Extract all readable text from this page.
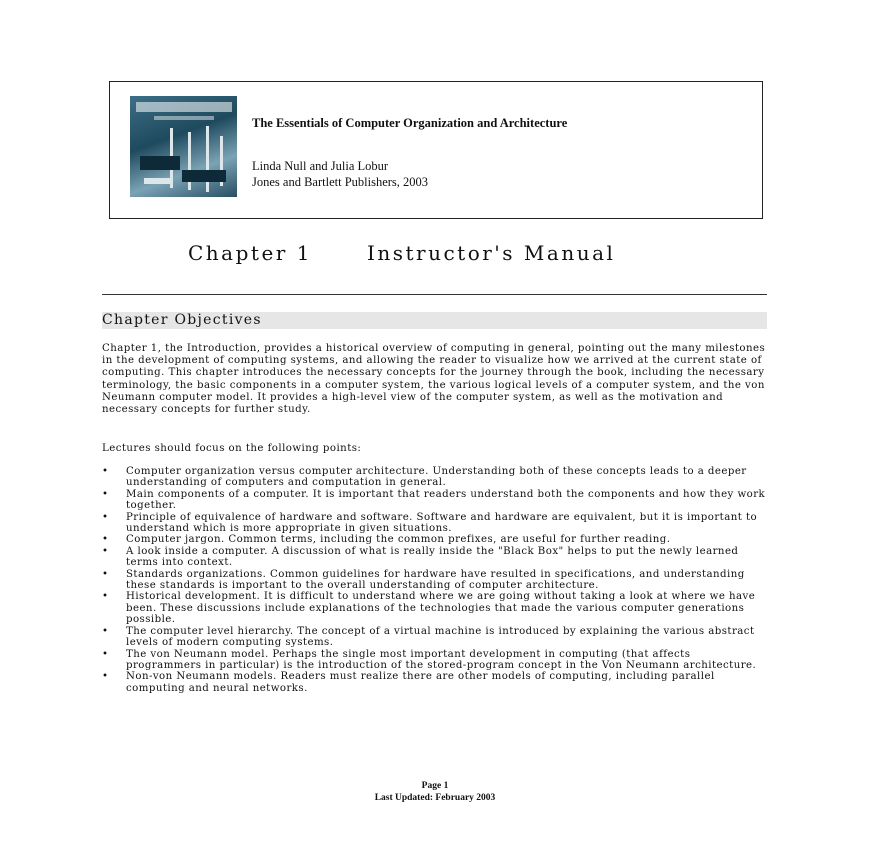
The Essentials of Computer Organization and Architecture
Linda Null and Julia Lobur
Jones and Bartlett Publishers, 2003
Chapter 1	Instructor's Manual
Chapter Objectives

Chapter 1, the Introduction, provides a historical overview of computing in general, pointing out the many milestones in the development of computing systems, and allowing the reader to visualize how we arrived at the current state of computing. This chapter introduces the necessary concepts for the journey through the book, including the necessary terminology, the basic components in a computer system, the various logical levels of a computer system, and the von Neumann computer model. It provides a high-level view of the computer system, as well as the motivation and necessary concepts for further study.

Lectures should focus on the following points:

• Computer organization versus computer architecture. Understanding both of these concepts leads to a deeper understanding of computers and computation in general.
• Main components of a computer. It is important that readers understand both the components and how they work together.
• Principle of equivalence of hardware and software. Software and hardware are equivalent, but it is important to understand which is more appropriate in given situations.
• Computer jargon. Common terms, including the common prefixes, are useful for further reading.
• A look inside a computer. A discussion of what is really inside the "Black Box" helps to put the newly learned terms into context.
• Standards organizations. Common guidelines for hardware have resulted in specifications, and understanding these standards is important to the overall understanding of computer architecture.
• Historical development. It is difficult to understand where we are going without taking a look at where we have been. These discussions include explanations of the technologies that made the various computer generations possible.
• The computer level hierarchy. The concept of a virtual machine is introduced by explaining the various abstract levels of modern computing systems.
• The von Neumann model. Perhaps the single most important development in computing (that affects programmers in particular) is the introduction of the stored-program concept in the Von Neumann architecture.
• Non-von Neumann models. Readers must realize there are other models of computing, including parallel computing and neural networks.
Page 1
Last Updated: February 2003
